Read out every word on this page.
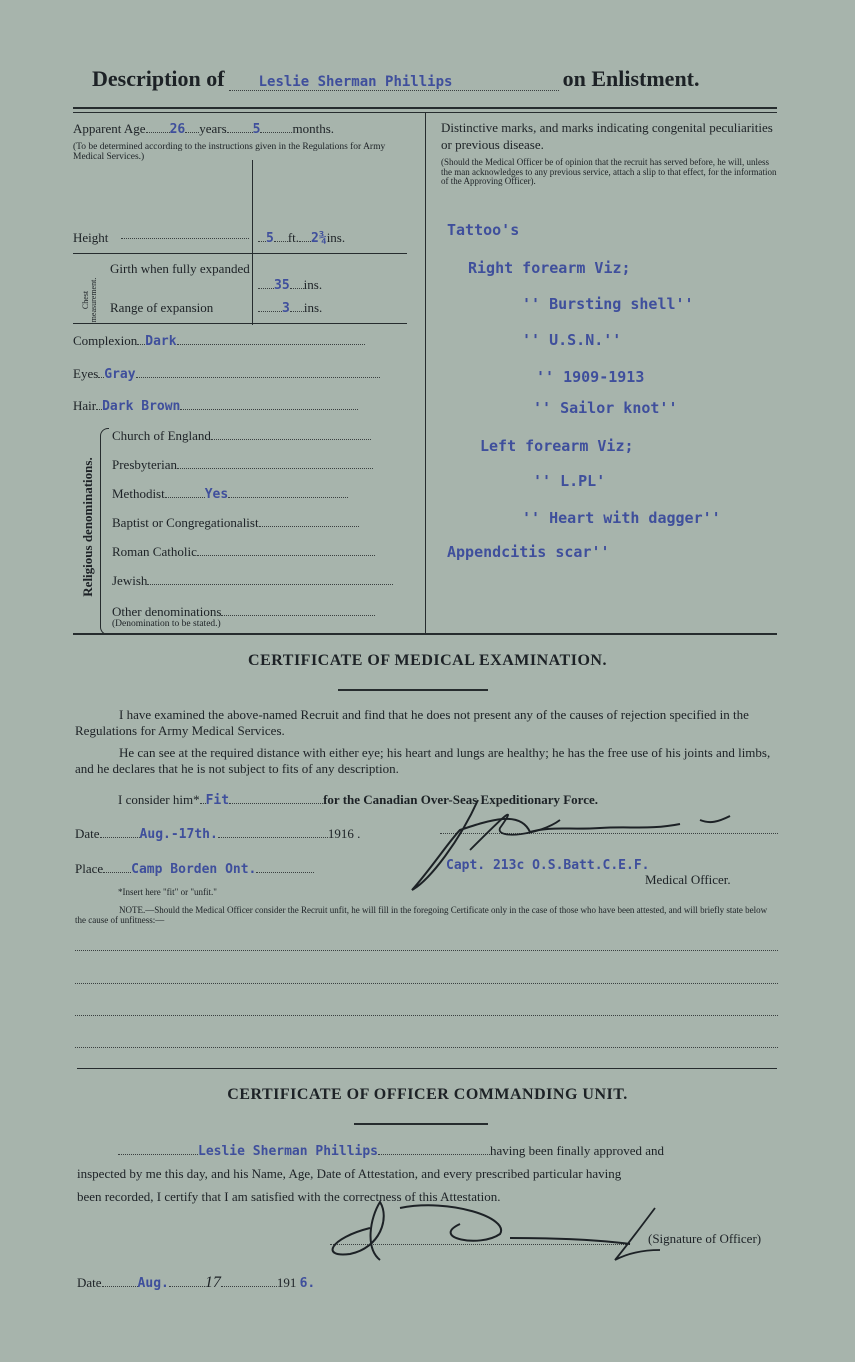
Description of Leslie Sherman Phillips	on Enlistment.
Apparent Age 26 years 5 months.
(To be determined according to the instructions given in the Regulations for Army Medical Services.)
Height	5 ft. 2¾ins.
Chest measurement.
Girth when fully expanded
35 ins.
Range of expansion	3 ins.
Complexion Dark
Eyes Gray
Hair Dark Brown
Religious denominations.
Church of England
Presbyterian
Methodist	Yes
Baptist or Congregationalist
Roman Catholic
Jewish
Other denominations
(Denomination to be stated.)
Distinctive marks, and marks indicating congenital peculiarities or previous disease.
(Should the Medical Officer be of opinion that the recruit has served before, he will, unless the man acknowledges to any previous service, attach a slip to that effect, for the information of the Approving Officer).
Tattoo's
Right forearm Viz;
'' Bursting shell''
'' U.S.N.''
'' 1909-1913
'' Sailor knot''
Left forearm Viz;
'' L.PL'
'' Heart with dagger''
Appendcitis scar''
CERTIFICATE OF MEDICAL EXAMINATION.
I have examined the above-named Recruit and find that he does not present any of the causes of rejection specified in the Regulations for Army Medical Services.
He can see at the required distance with either eye; his heart and lungs are healthy; he has the free use of his joints and limbs, and he declares that he is not subject to fits of any description.
I consider him* Fit	for the Canadian Over-Seas Expeditionary Force.
Date	Aug.-17th.	1916 .
Place Camp Borden Ont.	Capt. 213c O.S.Batt.C.E.F.
Medical Officer.
*Insert here "fit" or "unfit."
NOTE.—Should the Medical Officer consider the Recruit unfit, he will fill in the foregoing Certificate only in the case of those who have been attested, and will briefly state below the cause of unfitness:—
CERTIFICATE OF OFFICER COMMANDING UNIT.
Leslie Sherman Phillips	having been finally approved and
inspected by me this day, and his Name, Age, Date of Attestation, and every prescribed particular having
been recorded, I certify that I am satisfied with the correctness of this Attestation.
(Signature of Officer)
Date	Aug. 17	191 6.
